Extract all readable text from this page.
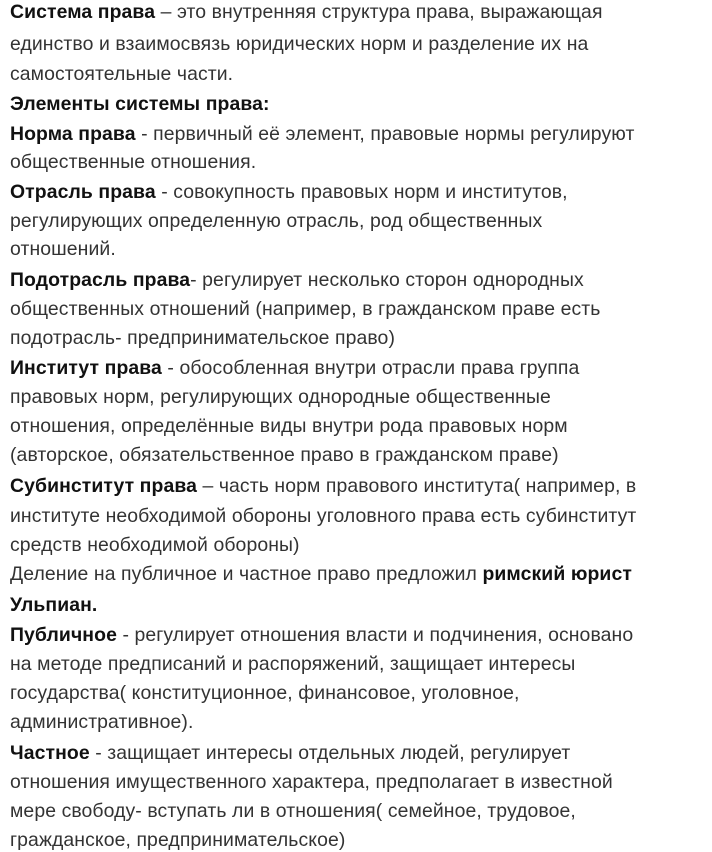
Система права – это внутренняя структура права, выражающая
единство и взаимосвязь юридических норм и разделение их на
самостоятельные части.
Элементы системы права:
Норма права - первичный её элемент, правовые нормы регулируют
общественные отношения.
Отрасль права - совокупность правовых норм и институтов,
регулирующих определенную отрасль, род общественных
отношений.
Подотрасль права- регулирует несколько сторон однородных
общественных отношений (например, в гражданском праве есть
подотрасль- предпринимательское право)
Институт права - обособленная внутри отрасли права группа
правовых норм, регулирующих однородные общественные
отношения, определённые виды внутри рода правовых норм
(авторское, обязательственное право в гражданском праве)
Субинститут права – часть норм правового института( например, в
институте необходимой обороны уголовного права есть субинститут
средств необходимой обороны)
Деление на публичное и частное право предложил римский юрист
Ульпиан.
Публичное - регулирует отношения власти и подчинения, основано
на методе предписаний и распоряжений, защищает интересы
государства( конституционное, финансовое, уголовное,
административное).
Частное - защищает интересы отдельных людей, регулирует
отношения имущественного характера, предполагает в известной
мере свободу- вступать ли в отношения( семейное, трудовое,
гражданское, предпринимательское)
